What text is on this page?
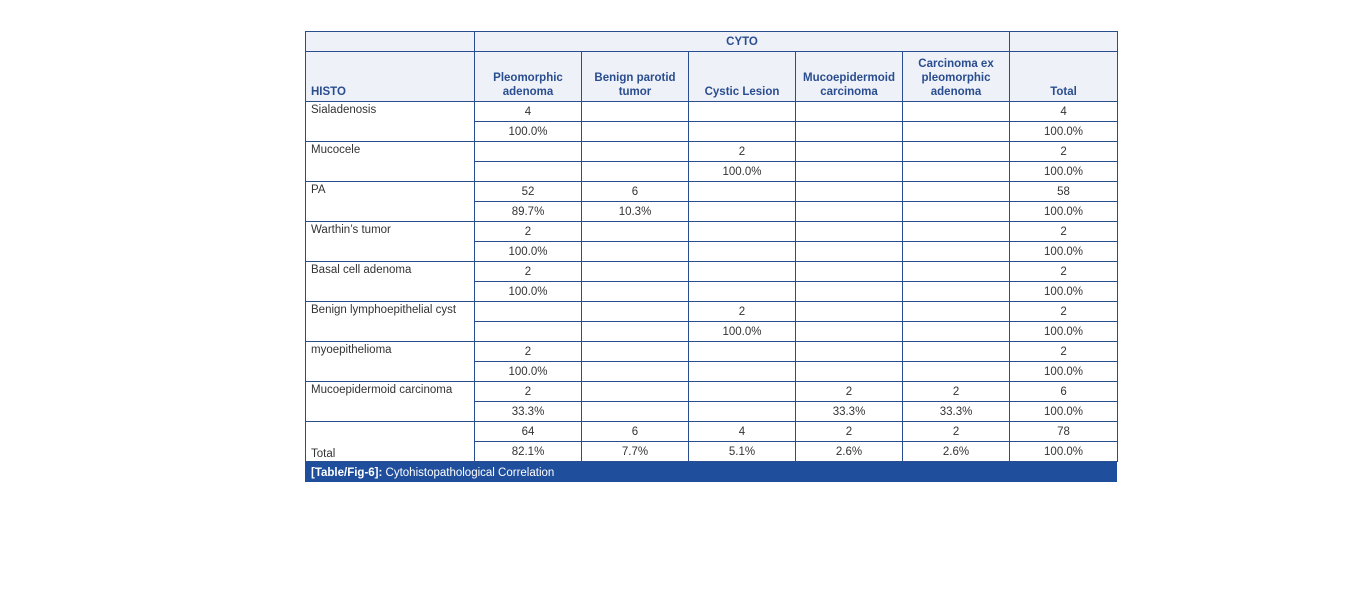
	CYTO					
HISTO	Pleomorphic adenoma	Benign parotid tumor	Cystic Lesion	Mucoepidermoid carcinoma	Carcinoma ex pleomorphic adenoma	Total
Sialadenosis	4					4
	100.0%					100.0%
Mucocele			2			2
			100.0%			100.0%
PA	52	6				58
	89.7%	10.3%				100.0%
Warthin’s tumor	2					2
	100.0%					100.0%
Basal cell adenoma	2					2
	100.0%					100.0%
Benign lymphoepithelial cyst			2			2
			100.0%			100.0%
myoepithelioma	2					2
	100.0%					100.0%
Mucoepidermoid carcinoma	2			2	2	6
	33.3%			33.3%	33.3%	100.0%
Total	64	6	4	2	2	78
	82.1%	7.7%	5.1%	2.6%	2.6%	100.0%
[Table/Fig-6]: Cytohistopathological Correlation
